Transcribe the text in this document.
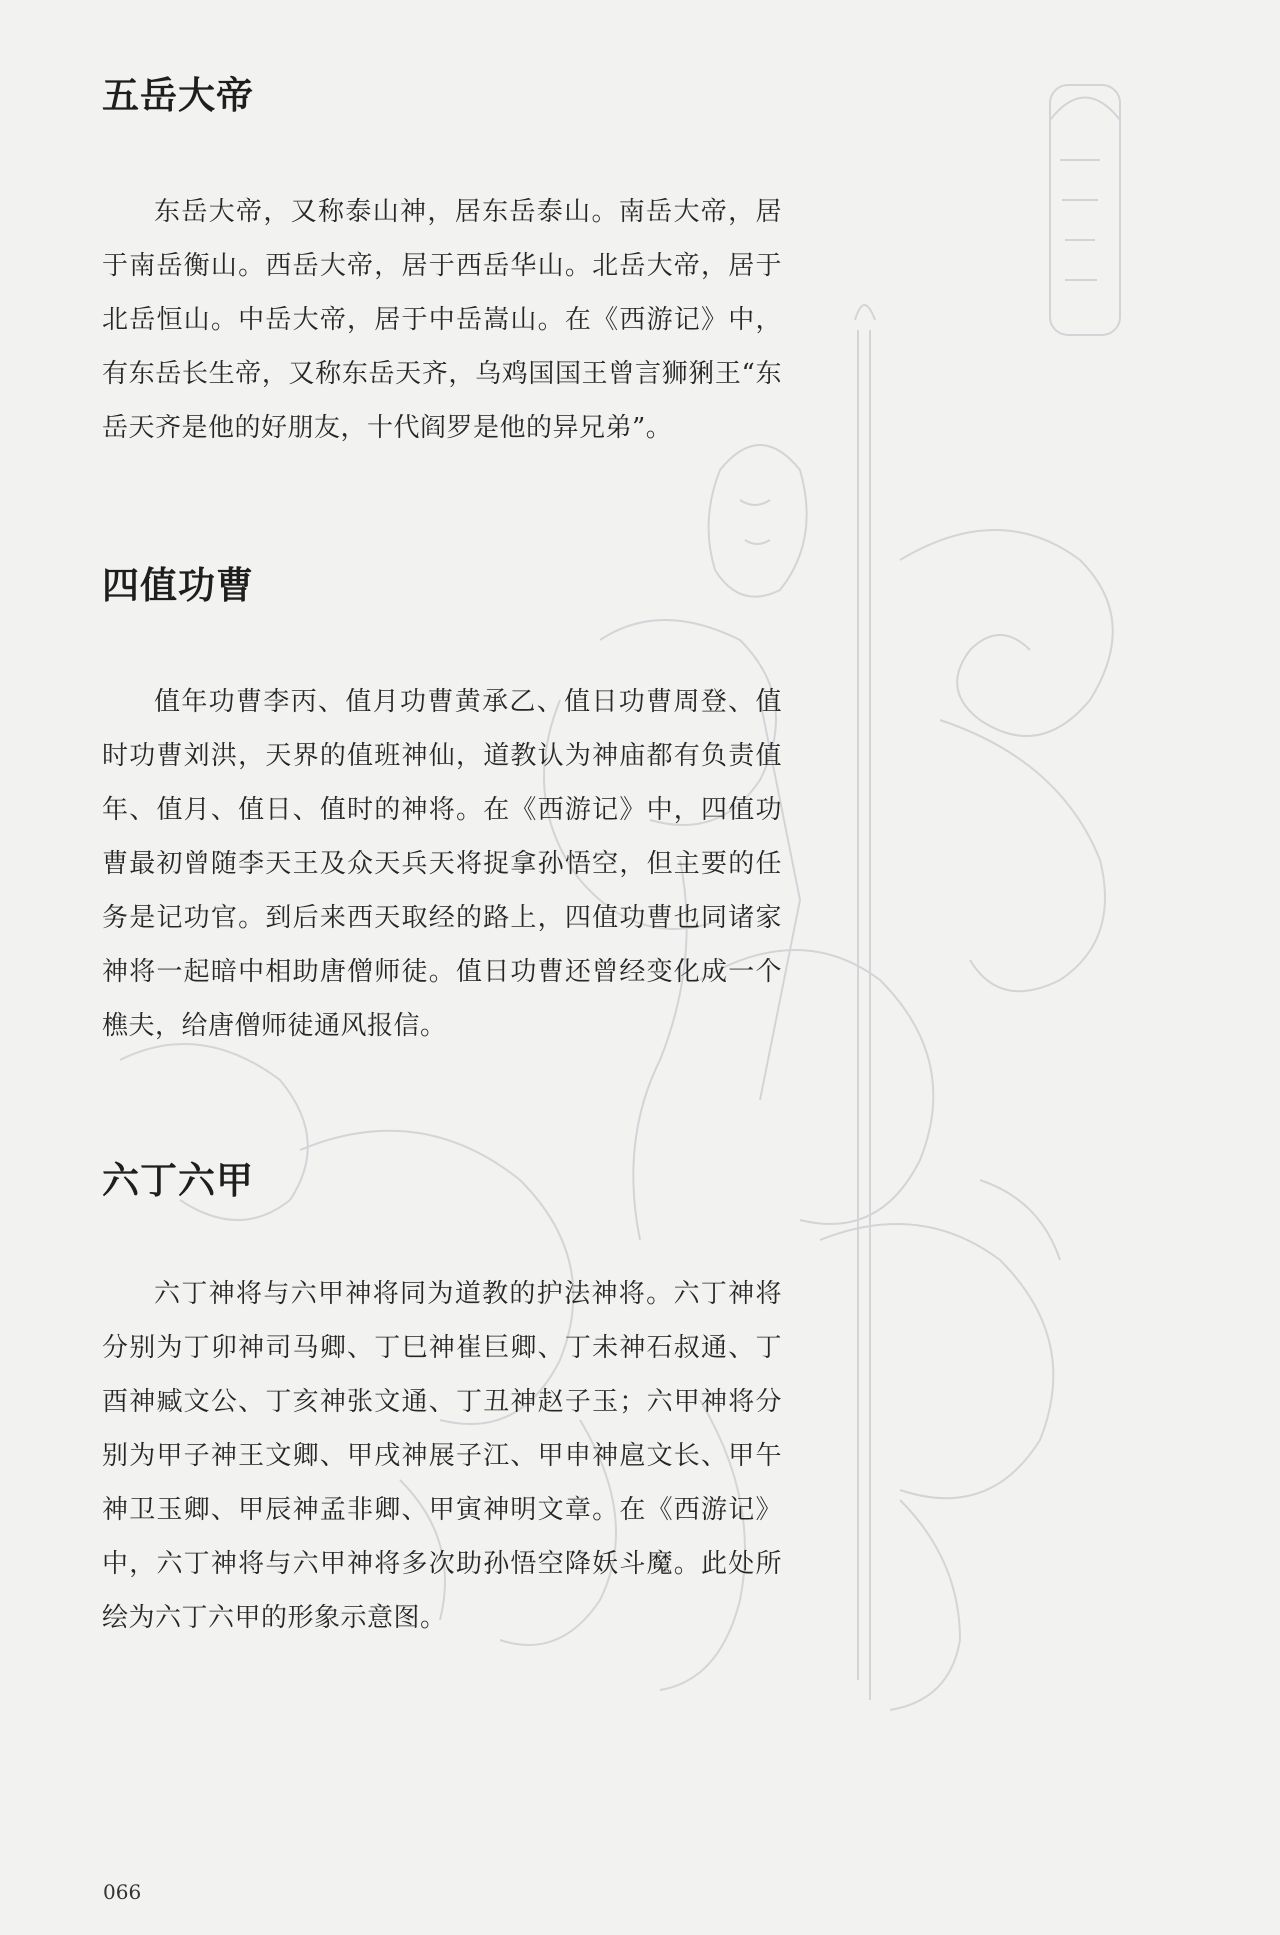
五岳大帝

东岳大帝，又称泰山神，居东岳泰山。南岳大帝，居于南岳衡山。西岳大帝，居于西岳华山。北岳大帝，居于北岳恒山。中岳大帝，居于中岳嵩山。在《西游记》中，有东岳长生帝，又称东岳天齐，乌鸡国国王曾言狮猁王“东岳天齐是他的好朋友，十代阎罗是他的异兄弟”。

四值功曹

值年功曹李丙、值月功曹黄承乙、值日功曹周登、值时功曹刘洪，天界的值班神仙，道教认为神庙都有负责值年、值月、值日、值时的神将。在《西游记》中，四值功曹最初曾随李天王及众天兵天将捉拿孙悟空，但主要的任务是记功官。到后来西天取经的路上，四值功曹也同诸家神将一起暗中相助唐僧师徒。值日功曹还曾经变化成一个樵夫，给唐僧师徒通风报信。

六丁六甲

六丁神将与六甲神将同为道教的护法神将。六丁神将分别为丁卯神司马卿、丁巳神崔巨卿、丁未神石叔通、丁酉神臧文公、丁亥神张文通、丁丑神赵子玉；六甲神将分别为甲子神王文卿、甲戌神展子江、甲申神扈文长、甲午神卫玉卿、甲辰神孟非卿、甲寅神明文章。在《西游记》中，六丁神将与六甲神将多次助孙悟空降妖斗魔。此处所绘为六丁六甲的形象示意图。

066
